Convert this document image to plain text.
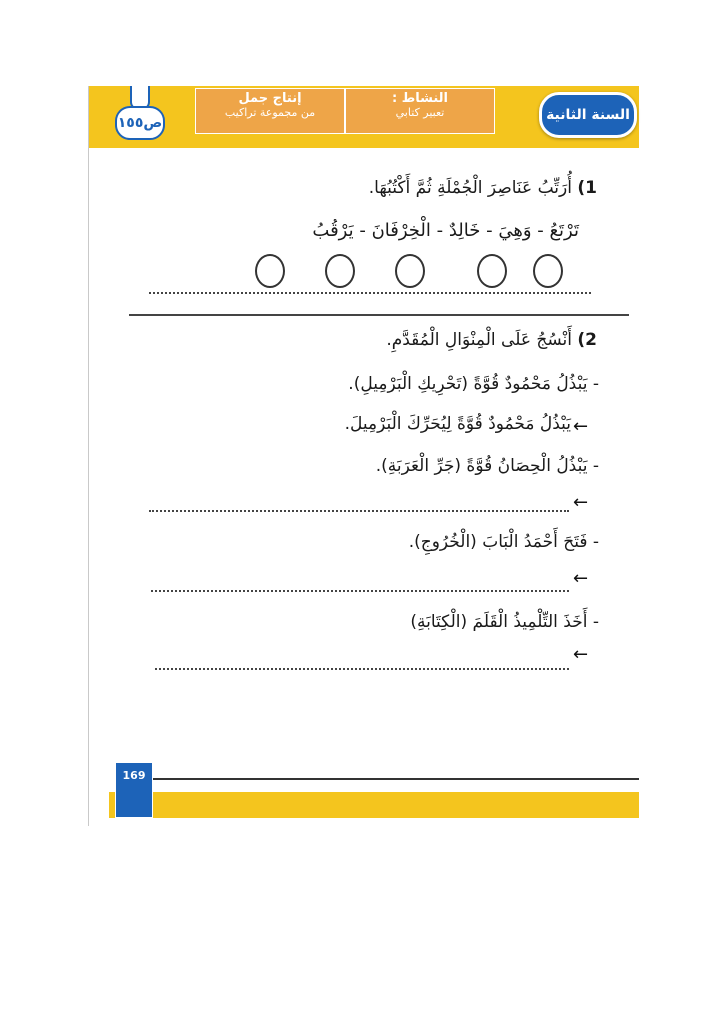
إنتاج جمل
من مجموعة تراكيب
النشاط :
تعبير كتابي	السنة الثانية
ص١٥٥
1) أُرَتِّبُ عَنَاصِرَ الْجُمْلَةِ ثُمَّ أَكْتُبُهَا.
تَرْتَعُ - وَهِيَ - خَالِدٌ - الْخِرْفَانَ - يَرْقُبُ
2) أَنْسُجُ عَلَى الْمِنْوَالِ الْمُقَدَّمِ.
- يَبْذُلُ مَحْمُودٌ قُوَّةً (تَحْرِيكِ الْبَرْمِيلِ).
يَبْذُلُ مَحْمُودٌ قُوَّةً لِيُحَرِّكَ الْبَرْمِيلَ. ←
- يَبْذُلُ الْحِصَانُ قُوَّةً (جَرِّ الْعَرَبَةِ).
←
- فَتَحَ أَحْمَدُ الْبَابَ (الْخُرُوجِ).
←
- أَخَذَ التِّلْمِيذُ الْقَلَمَ (الْكِتَابَةِ)
←
169
